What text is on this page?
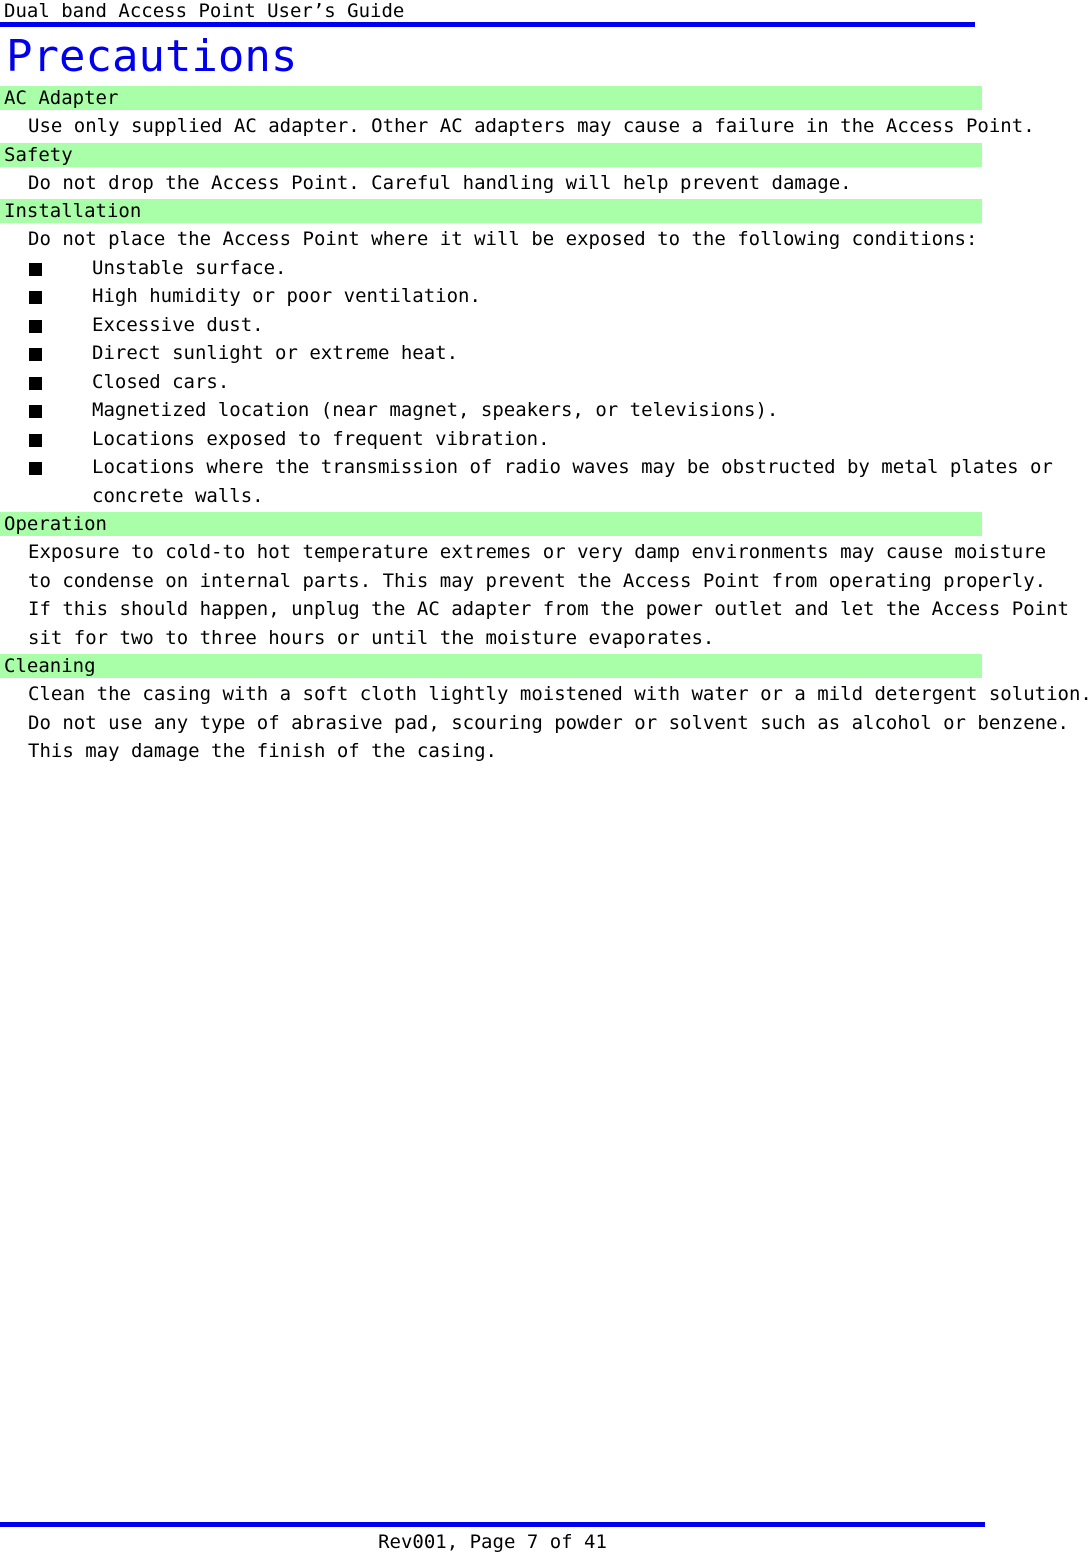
Dual band Access Point User’s Guide
Precautions
AC Adapter
Use only supplied AC adapter. Other AC adapters may cause a failure in the Access Point.
Safety
Do not drop the Access Point. Careful handling will help prevent damage.
Installation
Do not place the Access Point where it will be exposed to the following conditions:
Unstable surface.
High humidity or poor ventilation.
Excessive dust.
Direct sunlight or extreme heat.
Closed cars.
Magnetized location (near magnet, speakers, or televisions).
Locations exposed to frequent vibration.
Locations where the transmission of radio waves may be obstructed by metal plates or
concrete walls.
Operation
Exposure to cold-to hot temperature extremes or very damp environments may cause moisture
to condense on internal parts. This may prevent the Access Point from operating properly.
If this should happen, unplug the AC adapter from the power outlet and let the Access Point
sit for two to three hours or until the moisture evaporates.
Cleaning
Clean the casing with a soft cloth lightly moistened with water or a mild detergent solution.
Do not use any type of abrasive pad, scouring powder or solvent such as alcohol or benzene.
This may damage the finish of the casing.
Rev001, Page 7 of 41
